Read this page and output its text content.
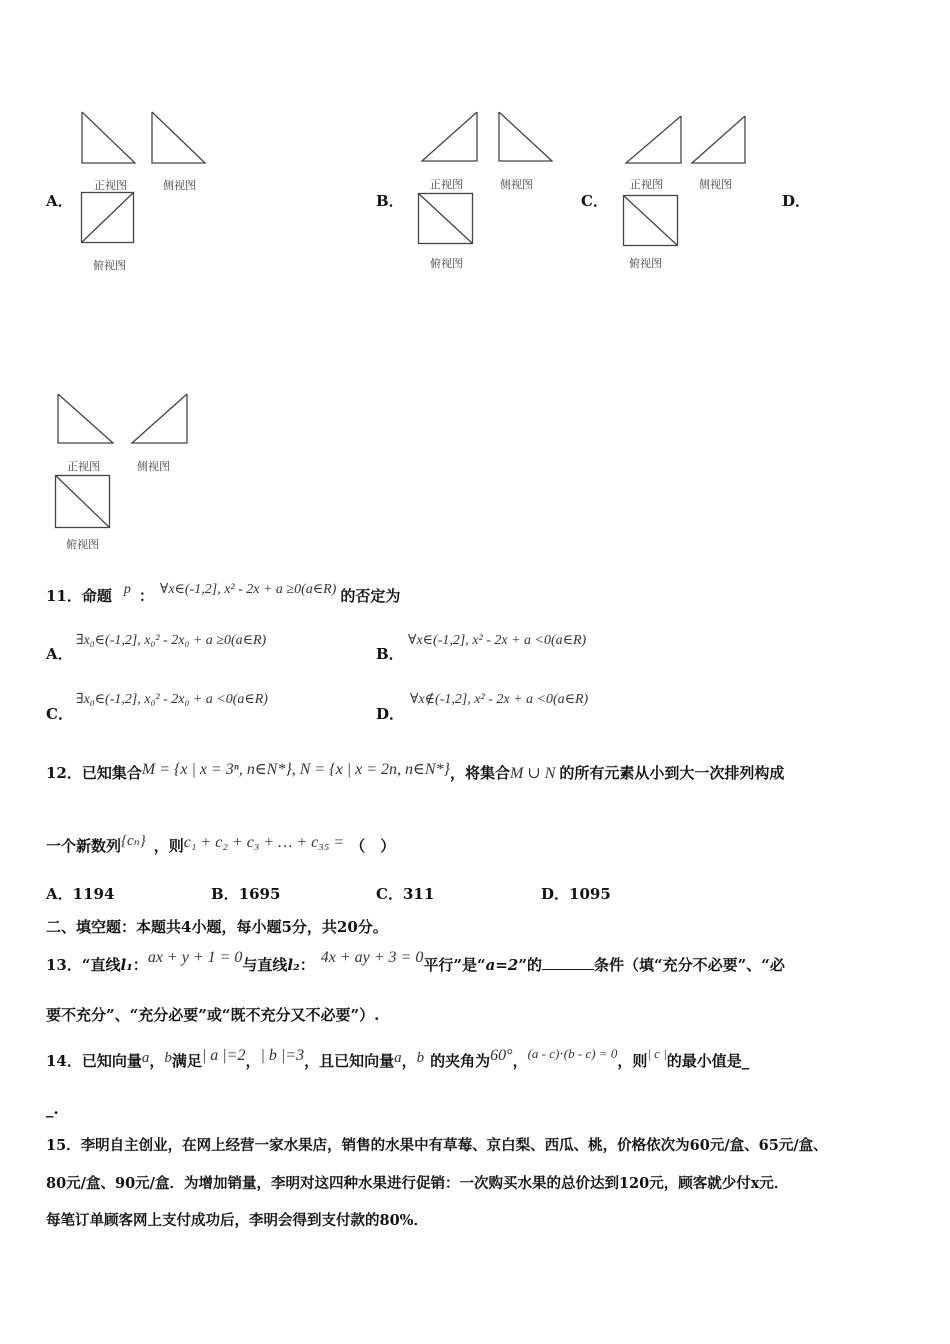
A．
正视图	侧视图
俯视图
B．
正视图	侧视图
俯视图
C．
正视图	侧视图
俯视图
D．
正视图	侧视图
俯视图
11．命题 p ： ∀x∈(-1,2], x² - 2x + a ≥0(a∈R) 的否定为
A．
∃x₀∈(-1,2], x₀² - 2x₀ + a ≥0(a∈R)
B．
∀x∈(-1,2], x² - 2x + a <0(a∈R)
C．
∃x₀∈(-1,2], x₀² - 2x₀ + a <0(a∈R)
D．
∀x∉(-1,2], x² - 2x + a <0(a∈R)
12．已知集合M = {x | x = 3ⁿ, n∈N*}, N = {x | x = 2n, n∈N*}，将集合M ∪ N 的所有元素从小到大一次排列构成
一个新数列{cₙ} ，则c₁ + c₂ + c₃ + … + c₃₅ = （　）
A．1194	B．1695	C．311	D．1095
二、填空题：本题共4小题，每小题5分，共20分。
13．“直线l₁：ax + y + 1 = 0与直线l₂： 4x + ay + 3 = 0平行”是“a=2”的	条件（填“充分不必要”、“必
要不充分”、“充分必要”或“既不充分又不必要”）.
14．已知向量a，b满足| a |=2，| b |=3，且已知向量a，b 的夹角为60°，(a - c)⋅(b - c) = 0，则| c |的最小值是_
_.
15．李明自主创业，在网上经营一家水果店，销售的水果中有草莓、京白梨、西瓜、桃，价格依次为60元/盒、65元/盒、
80元/盒、90元/盒．为增加销量，李明对这四种水果进行促销：一次购买水果的总价达到120元，顾客就少付x元．
每笔订单顾客网上支付成功后，李明会得到支付款的80%．
